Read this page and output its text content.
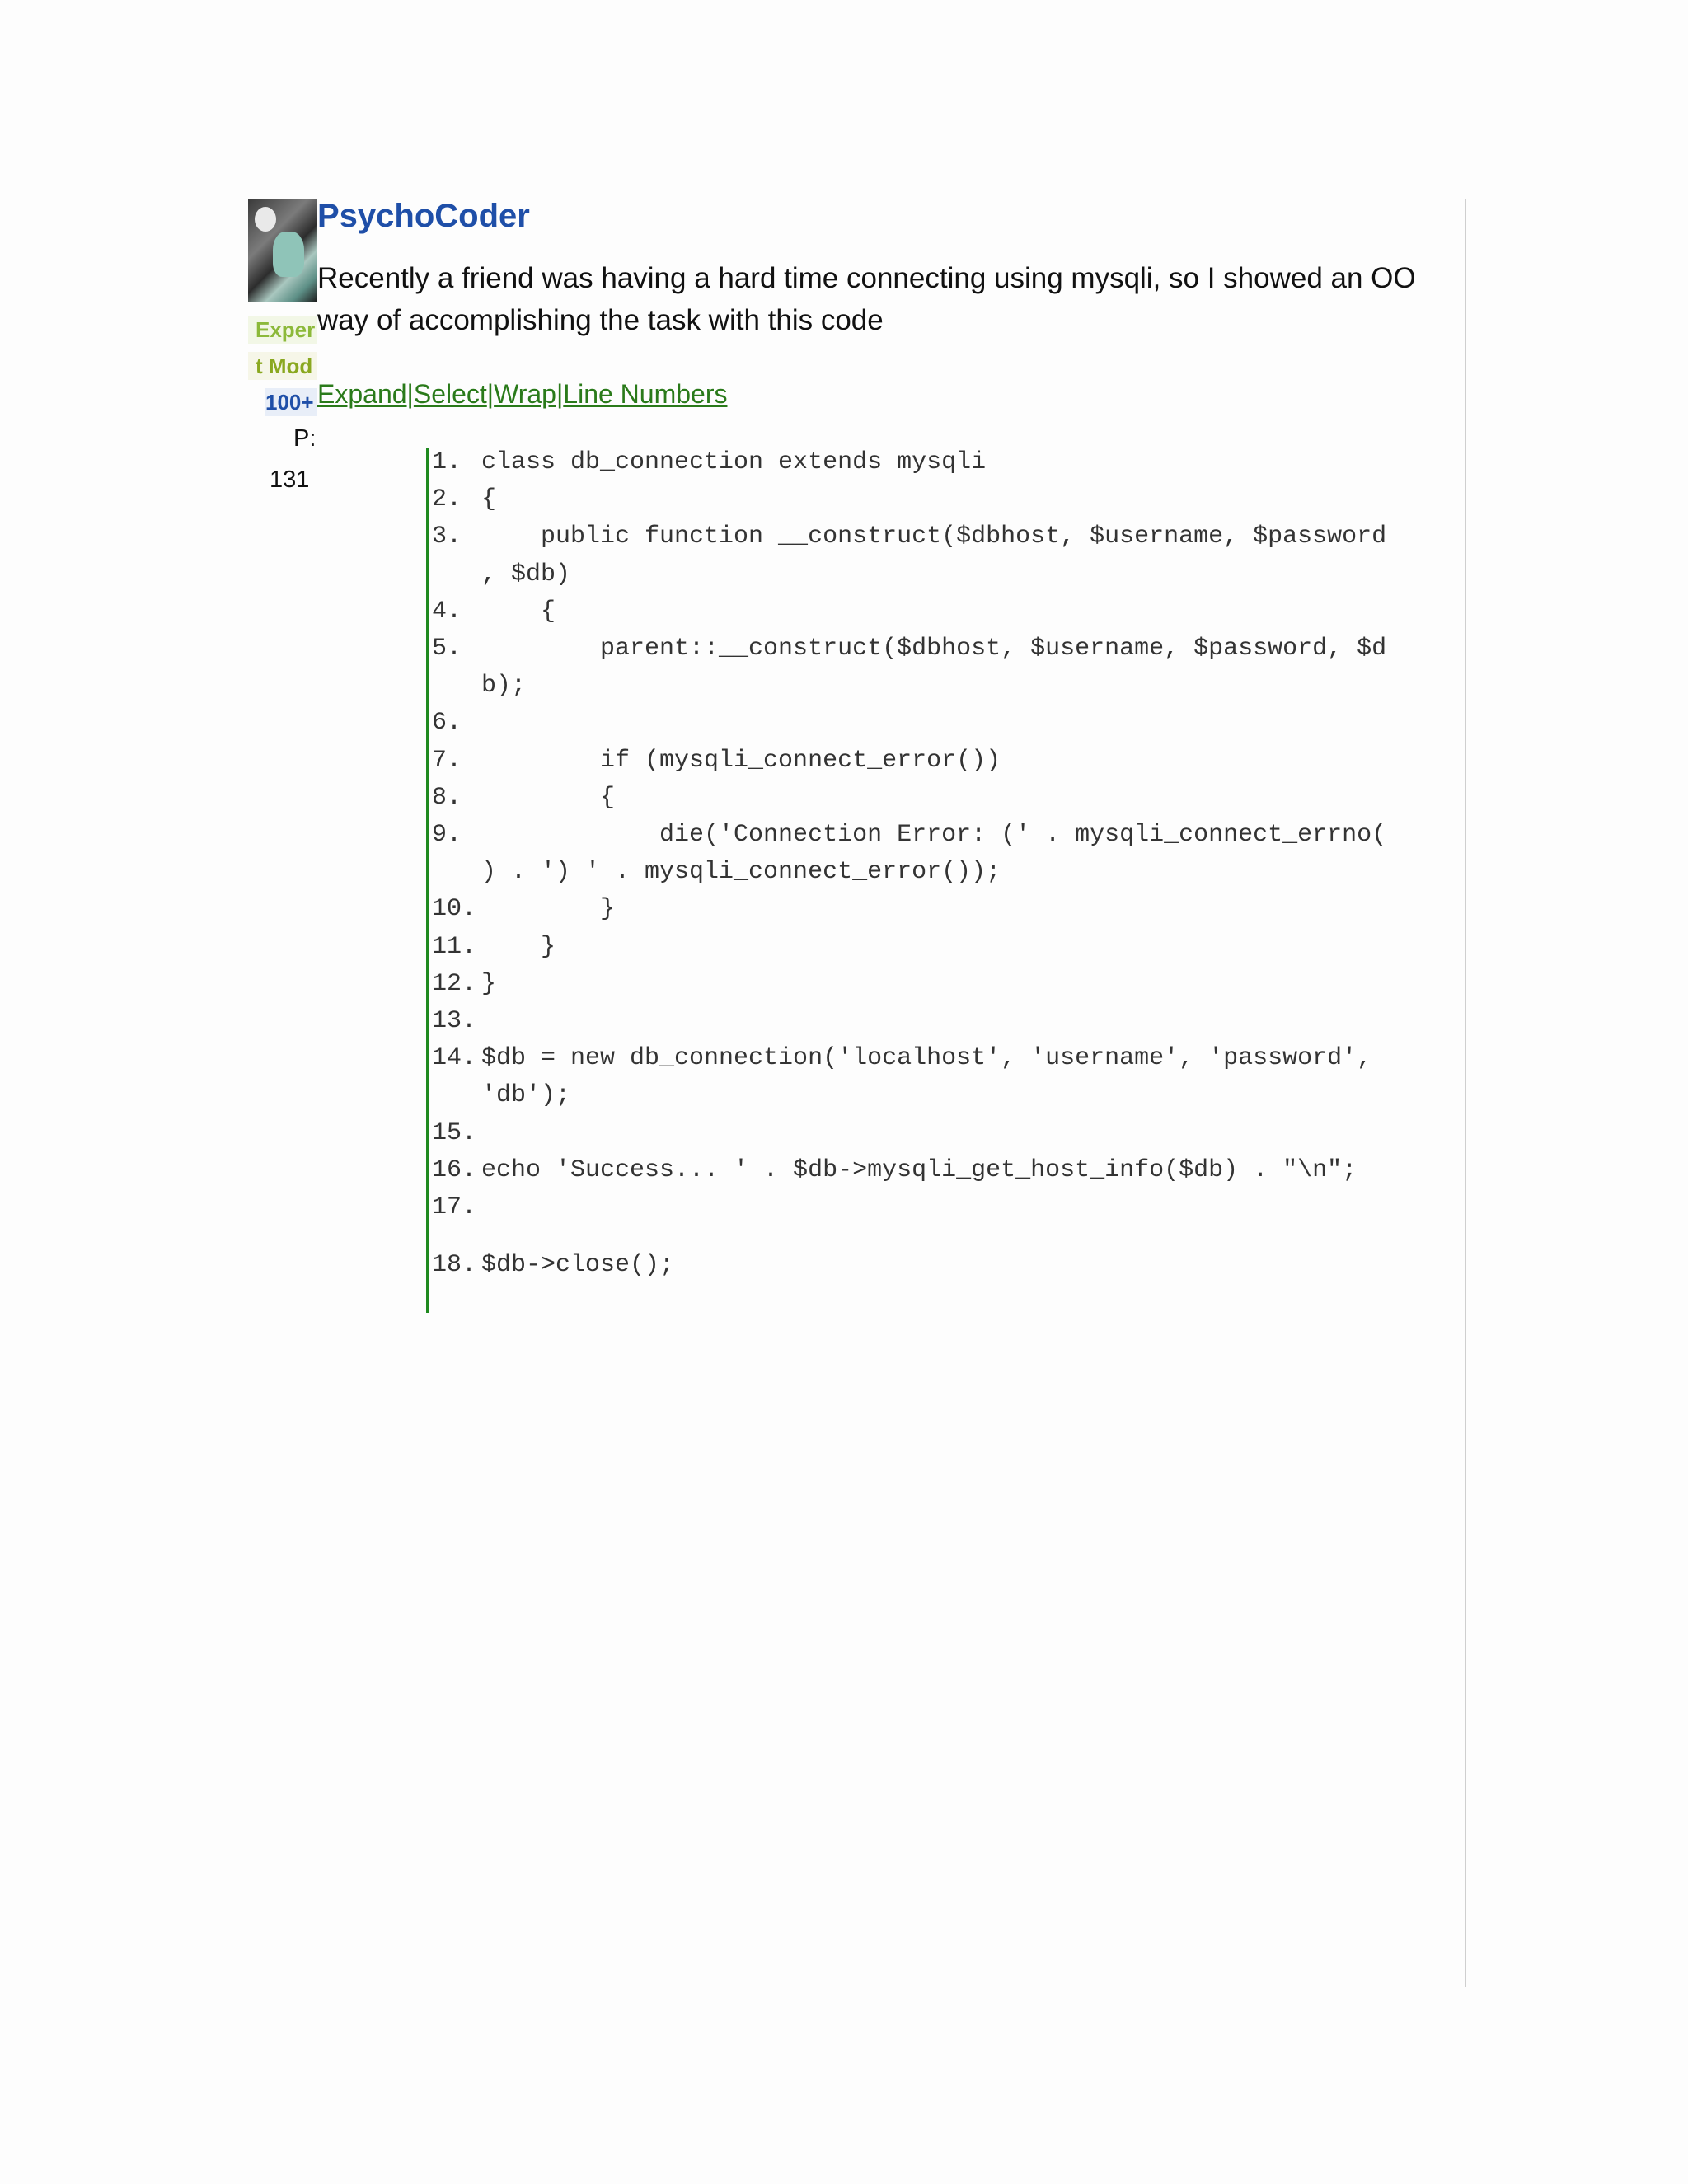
Exper
t Mod
100+
P:
131
PsychoCoder
Recently a friend was having a hard time connecting using mysqli, so I showed an OO
way of accomplishing the task with this code
Expand|Select|Wrap|Line Numbers
1. class db_connection extends mysqli
2. {
3.    public function __construct($dbhost, $username, $password
, $db)
4.    {
5.        parent::__construct($dbhost, $username, $password, $d
b);
6.
7.        if (mysqli_connect_error())
8.        {
9.            die('Connection Error: (' . mysqli_connect_errno(
) . ') ' . mysqli_connect_error());
10.        }
11.    }
12. }
13.
14. $db = new db_connection('localhost', 'username', 'password',
'db');
15.
16. echo 'Success... ' . $db->mysqli_get_host_info($db) . "\n";
17.
18. $db->close();
